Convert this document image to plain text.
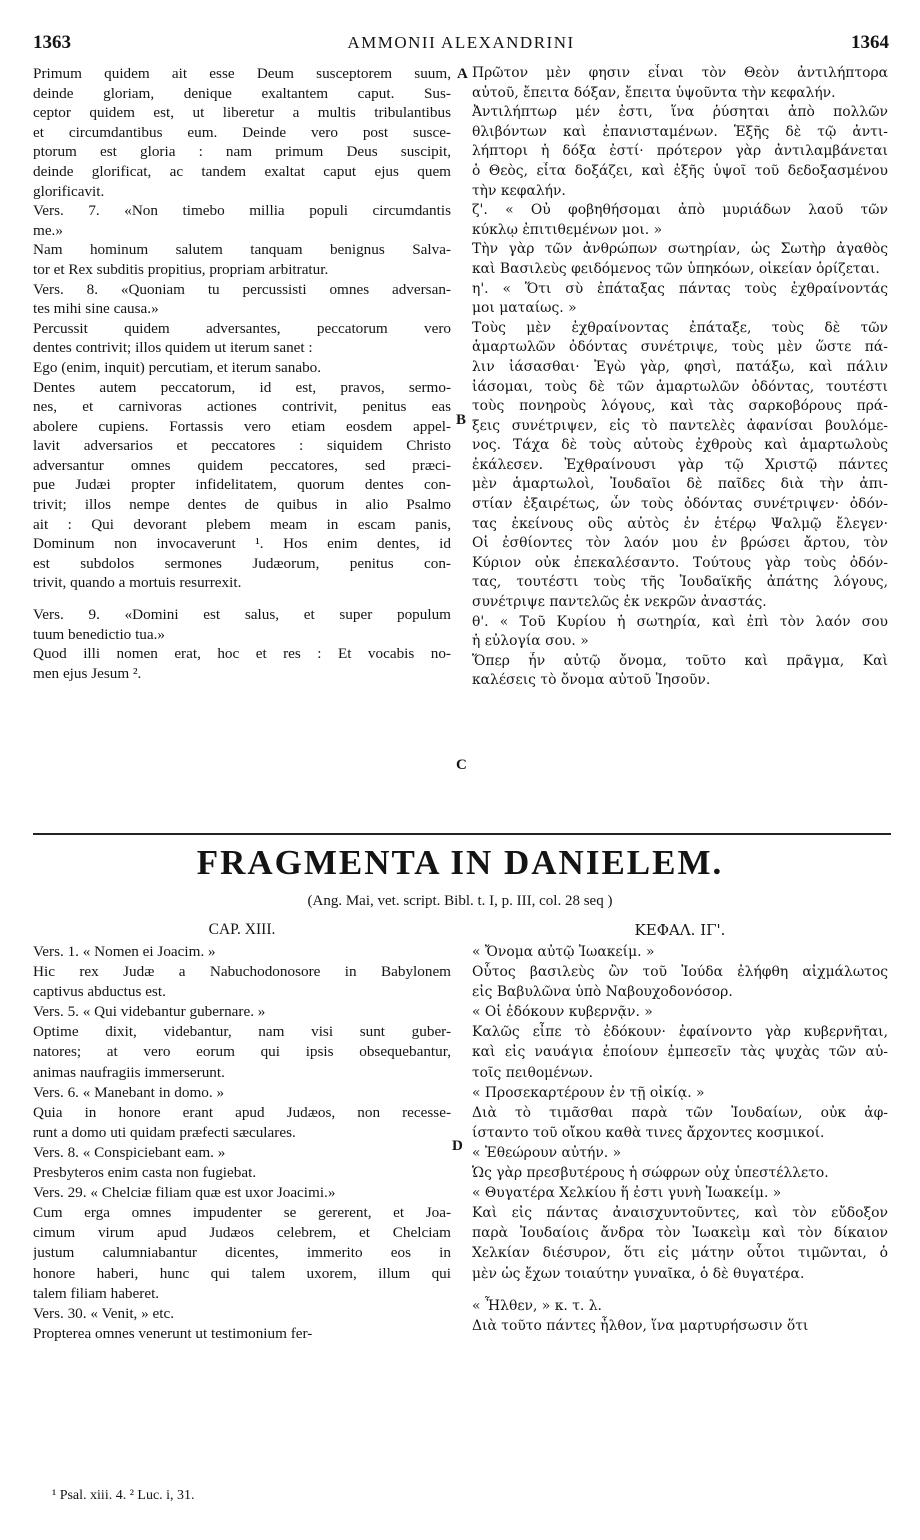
1363	AMMONII ALEXANDRINI	1364
Primum quidem ait esse Deum susceptorem suum,
deinde gloriam, denique exaltantem caput. Sus-
ceptor quidem est, ut liberetur a multis tribulantibus
et circumdantibus eum. Deinde vero post susce-
ptorum est gloria : nam primum Deus suscipit,
deinde glorificat, ac tandem exaltat caput ejus quem
glorificavit.
Vers. 7. «Non timebo millia populi circumdantis
me.»
Nam hominum salutem tanquam benignus Salva-
tor et Rex subditis propitius, propriam arbitratur.
Vers. 8. «Quoniam tu percussisti omnes adversan-
tes mihi sine causa.»
Percussit quidem adversantes, peccatorum vero
dentes contrivit; illos quidem ut iterum sanet :
Ego (enim, inquit) percutiam, et iterum sanabo.
Dentes autem peccatorum, id est, pravos, sermo-
nes, et carnivoras actiones contrivit, penitus eas
abolere cupiens. Fortassis vero etiam eosdem appel-
lavit adversarios et peccatores : siquidem Christo
adversantur omnes quidem peccatores, sed præci-
pue Judæi propter infidelitatem, quorum dentes con-
trivit; illos nempe dentes de quibus in alio Psalmo
ait : Qui devorant plebem meam in escam panis,
Dominum non invocaverunt ¹. Hos enim dentes, id
est subdolos sermones Judæorum, penitus con-
trivit, quando a mortuis resurrexit.
Vers. 9. «Domini est salus, et super populum
tuum benedictio tua.»
Quod illi nomen erat, hoc et res : Et vocabis no-
men ejus Jesum ².
Πρῶτον μὲν φησιν εἶναι τὸν Θεὸν ἀντιλήπτορα
αὐτοῦ, ἔπειτα δόξαν, ἔπειτα ὑψοῦντα τὴν κεφαλήν.
Ἀντιλήπτωρ μέν ἐστι, ἵνα ῥύσηται ἀπὸ πολλῶν
θλιβόντων καὶ ἐπανισταμένων. Ἑξῆς δὲ τῷ ἀντι-
λήπτορι ἡ δόξα ἐστί· πρότερον γὰρ ἀντιλαμβάνεται
ὁ Θεὸς, εἶτα δοξάζει, καὶ ἐξῆς ὑψοῖ τοῦ δεδοξασμένου
τὴν κεφαλήν.
ζ'. « Οὐ φοβηθήσομαι ἀπὸ μυριάδων λαοῦ τῶν
κύκλῳ ἐπιτιθεμένων μοι. »
Τὴν γὰρ τῶν ἀνθρώπων σωτηρίαν, ὡς Σωτὴρ ἀγαθὸς
καὶ Βασιλεὺς φειδόμενος τῶν ὑπηκόων, οἰκείαν ὁρίζεται.
η'. « Ὅτι σὺ ἐπάταξας πάντας τοὺς ἐχθραίνοντάς
μοι ματαίως. »
Τοὺς μὲν ἐχθραίνοντας ἐπάταξε, τοὺς δὲ τῶν
ἁμαρτωλῶν ὀδόντας συνέτριψε, τοὺς μὲν ὥστε πά-
λιν ἰάσασθαι· Ἐγὼ γὰρ, φησὶ, πατάξω, καὶ πάλιν
ἰάσομαι, τοὺς δὲ τῶν ἁμαρτωλῶν ὀδόντας, τουτέστι
τοὺς πονηροὺς λόγους, καὶ τὰς σαρκοβόρους πρά-
ξεις συνέτριψεν, εἰς τὸ παντελὲς ἀφανίσαι βουλόμε-
νος. Τάχα δὲ τοὺς αὐτοὺς ἐχθροὺς καὶ ἁμαρτωλοὺς
ἐκάλεσεν. Ἐχθραίνουσι γὰρ τῷ Χριστῷ πάντες
μὲν ἁμαρτωλοὶ, Ἰουδαῖοι δὲ παῖδες διὰ τὴν ἀπι-
στίαν ἐξαιρέτως, ὧν τοὺς ὀδόντας συνέτριψεν· ὀδόν-
τας ἐκείνους οὓς αὐτὸς ἐν ἑτέρῳ Ψαλμῷ ἔλεγεν·
Οἱ ἐσθίοντες τὸν λαόν μου ἐν βρώσει ἄρτου, τὸν
Κύριον οὐκ ἐπεκαλέσαντο. Τούτους γὰρ τοὺς ὀδόν-
τας, τουτέστι τοὺς τῆς Ἰουδαϊκῆς ἀπάτης λόγους,
συνέτριψε παντελῶς ἐκ νεκρῶν ἀναστάς.
θ'. « Τοῦ Κυρίου ἡ σωτηρία, καὶ ἐπὶ τὸν λαόν σου
ἡ εὐλογία σου. »
Ὅπερ ἦν αὐτῷ ὄνομα, τοῦτο καὶ πρᾶγμα, Καὶ
καλέσεις τὸ ὄνομα αὐτοῦ Ἰησοῦν.
A
B
C
D
FRAGMENTA IN DANIELEM.
(Ang. Mai, vet. script. Bibl. t. I, p. III, col. 28 seq )
CAP. XIII.	ΚΕΦΑΛ. ΙΓ'.
Vers. 1. « Nomen ei Joacim. »
Hic rex Judæ a Nabuchodonosore in Babylonem
captivus abductus est.
Vers. 5. « Qui videbantur gubernare. »
Optime dixit, videbantur, nam visi sunt guber-
natores; at vero eorum qui ipsis obsequebantur,
animas naufragiis immerserunt.
Vers. 6. « Manebant in domo. »
Quia in honore erant apud Judæos, non recesse-
runt a domo uti quidam præfecti sæculares.
Vers. 8. « Conspiciebant eam. »
Presbyteros enim casta non fugiebat.
Vers. 29. « Chelciæ filiam quæ est uxor Joacimi.»
Cum erga omnes impudenter se gererent, et Joa-
cimum virum apud Judæos celebrem, et Chelciam
justum calumniabantur dicentes, immerito eos in
honore haberi, hunc qui talem uxorem, illum qui
talem filiam haberet.
Vers. 30. « Venit, » etc.
Propterea omnes venerunt ut testimonium fer-
« Ὄνομα αὐτῷ Ἰωακείμ. »
Οὗτος βασιλεὺς ὢν τοῦ Ἰούδα ἐλήφθη αἰχμάλωτος
εἰς Βαβυλῶνα ὑπὸ Ναβουχοδονόσορ.
« Οἱ ἐδόκουν κυβερνᾷν. »
Καλῶς εἶπε τὸ ἐδόκουν· ἐφαίνοντο γὰρ κυβερνῆται,
καὶ εἰς ναυάγια ἐποίουν ἐμπεσεῖν τὰς ψυχὰς τῶν αὐ-
τοῖς πειθομένων.
« Προσεκαρτέρουν ἐν τῇ οἰκίᾳ. »
Διὰ τὸ τιμᾶσθαι παρὰ τῶν Ἰουδαίων, οὐκ ἀφ-
ίσταντο τοῦ οἴκου καθὰ τινες ἄρχοντες κοσμικοί.
« Ἐθεώρουν αὐτήν. »
Ὡς γὰρ πρεσβυτέρους ἡ σώφρων οὐχ ὑπεστέλλετο.
« Θυγατέρα Χελκίου ἥ ἐστι γυνὴ Ἰωακείμ. »
Καὶ εἰς πάντας ἀναισχυντοῦντες, καὶ τὸν εὔδοξον
παρὰ Ἰουδαίοις ἄνδρα τὸν Ἰωακεὶμ καὶ τὸν δίκαιον
Χελκίαν διέσυρον, ὅτι εἰς μάτην οὗτοι τιμῶνται, ὁ
μὲν ὡς ἔχων τοιαύτην γυναῖκα, ὁ δὲ θυγατέρα.
« Ἦλθεν, » κ. τ. λ.
Διὰ τοῦτο πάντες ἦλθον, ἵνα μαρτυρήσωσιν ὅτι
¹ Psal. xiii. 4. ² Luc. i, 31.
